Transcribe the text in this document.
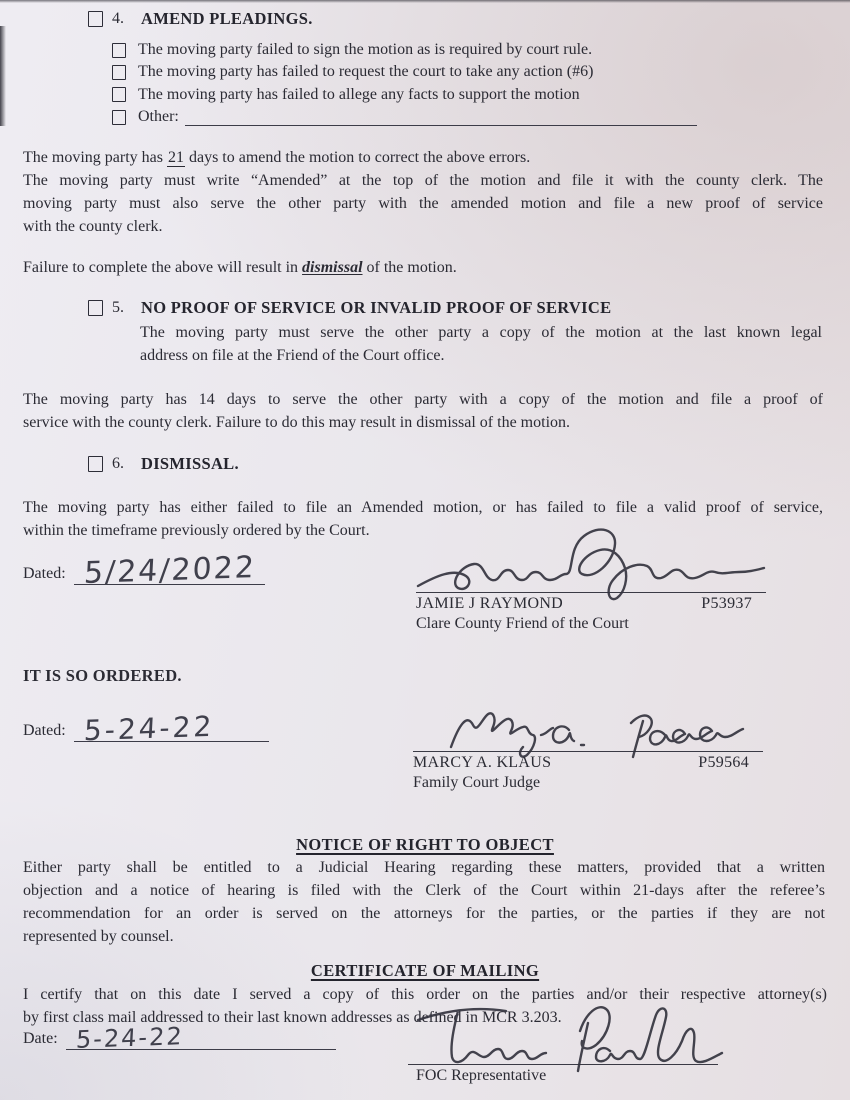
4.	AMEND PLEADINGS.
The moving party failed to sign the motion as is required by court rule.
The moving party has failed to request the court to take any action (#6)
The moving party has failed to allege any facts to support the motion
Other:
The moving party has 21 days to amend the motion to correct the above errors.
The moving party must write “Amended” at the top of the motion and file it with the county clerk. The
moving party must also serve the other party with the amended motion and file a new proof of service
with the county clerk.
Failure to complete the above will result in dismissal of the motion.
5.	NO PROOF OF SERVICE OR INVALID PROOF OF SERVICE
The moving party must serve the other party a copy of the motion at the last known legal
address on file at the Friend of the Court office.
The moving party has 14 days to serve the other party with a copy of the motion and file a proof of
service with the county clerk. Failure to do this may result in dismissal of the motion.
6.	DISMISSAL.
The moving party has either failed to file an Amended motion, or has failed to file a valid proof of service,
within the timeframe previously ordered by the Court.
Dated: 5/24/2022
JAMIE J RAYMOND	P53937
Clare County Friend of the Court
IT IS SO ORDERED.
Dated: 5-24-22
MARCY A. KLAUS	P59564
Family Court Judge
NOTICE OF RIGHT TO OBJECT
Either party shall be entitled to a Judicial Hearing regarding these matters, provided that a written
objection and a notice of hearing is filed with the Clerk of the Court within 21-days after the referee’s
recommendation for an order is served on the attorneys for the parties, or the parties if they are not
represented by counsel.
CERTIFICATE OF MAILING
I certify that on this date I served a copy of this order on the parties and/or their respective attorney(s)
by first class mail addressed to their last known addresses as defined in MCR 3.203.
Date: 5-24-22
FOC Representative
